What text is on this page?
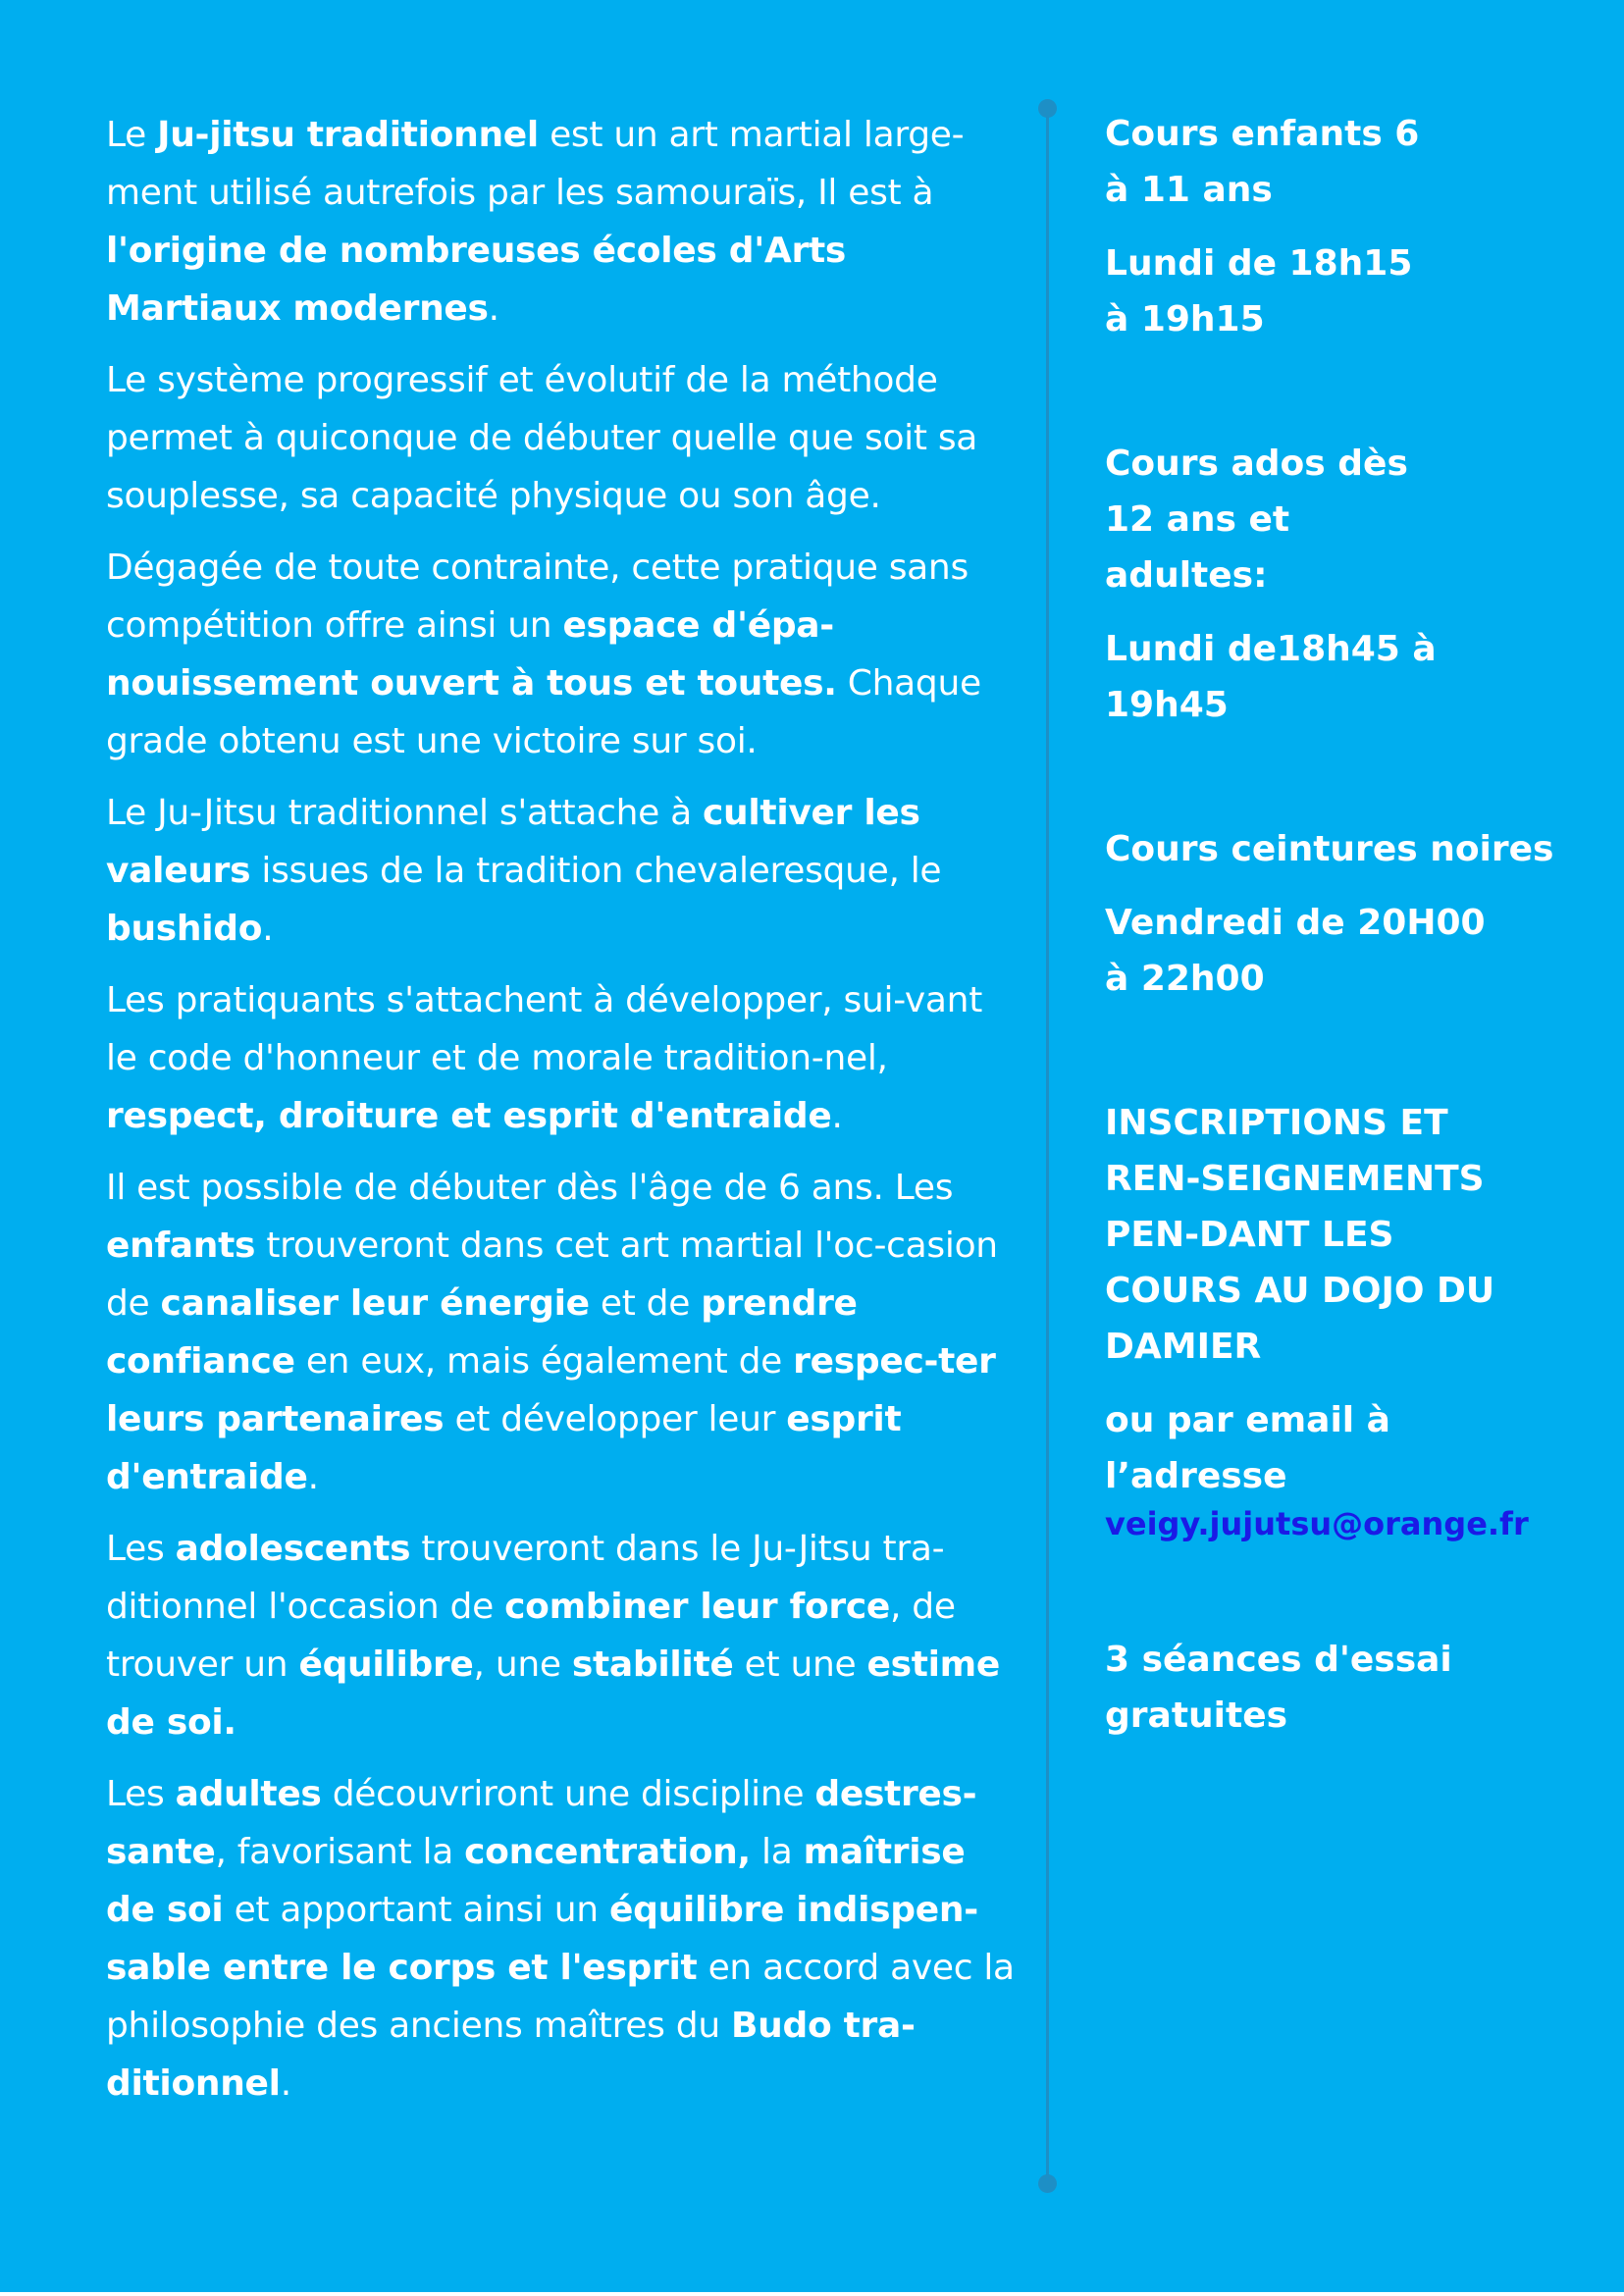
Le Ju-jitsu traditionnel est un art martial large-ment utilisé autrefois par les samouraïs, Il est à l'origine de nombreuses écoles d'Arts Martiaux modernes.

Le système progressif et évolutif de la méthode permet à quiconque de débuter quelle que soit sa souplesse, sa capacité physique ou son âge.

Dégagée de toute contrainte, cette pratique sans compétition offre ainsi un espace d'épa-nouissement ouvert à tous et toutes. Chaque grade obtenu est une victoire sur soi.

Le Ju-Jitsu traditionnel s'attache à cultiver les valeurs issues de la tradition chevaleresque, le bushido.

Les pratiquants s'attachent à développer, sui-vant le code d'honneur et de morale tradition-nel, respect, droiture et esprit d'entraide.

Il est possible de débuter dès l'âge de 6 ans. Les enfants trouveront dans cet art martial l'oc-casion de canaliser leur énergie et de prendre confiance en eux, mais également de respec-ter leurs partenaires et développer leur esprit d'entraide.

Les adolescents trouveront dans le Ju-Jitsu tra-ditionnel l'occasion de combiner leur force, de trouver un équilibre, une stabilité et une estime de soi.

Les adultes découvriront une discipline destres-sante, favorisant la concentration, la maîtrise de soi et apportant ainsi un équilibre indispen-sable entre le corps et l'esprit en accord avec la philosophie des anciens maîtres du Budo tra-ditionnel.

Cours enfants 6 à 11 ans
Lundi de 18h15 à 19h15
Cours ados dès 12 ans et adultes:
Lundi de18h45 à 19h45
Cours ceintures noires
Vendredi de 20H00 à 22h00
INSCRIPTIONS ET REN-SEIGNEMENTS PEN-DANT LES COURS AU DOJO DU DAMIER
ou par email à l’adresse
veigy.jujutsu@orange.fr
3 séances d'essai gratuites
